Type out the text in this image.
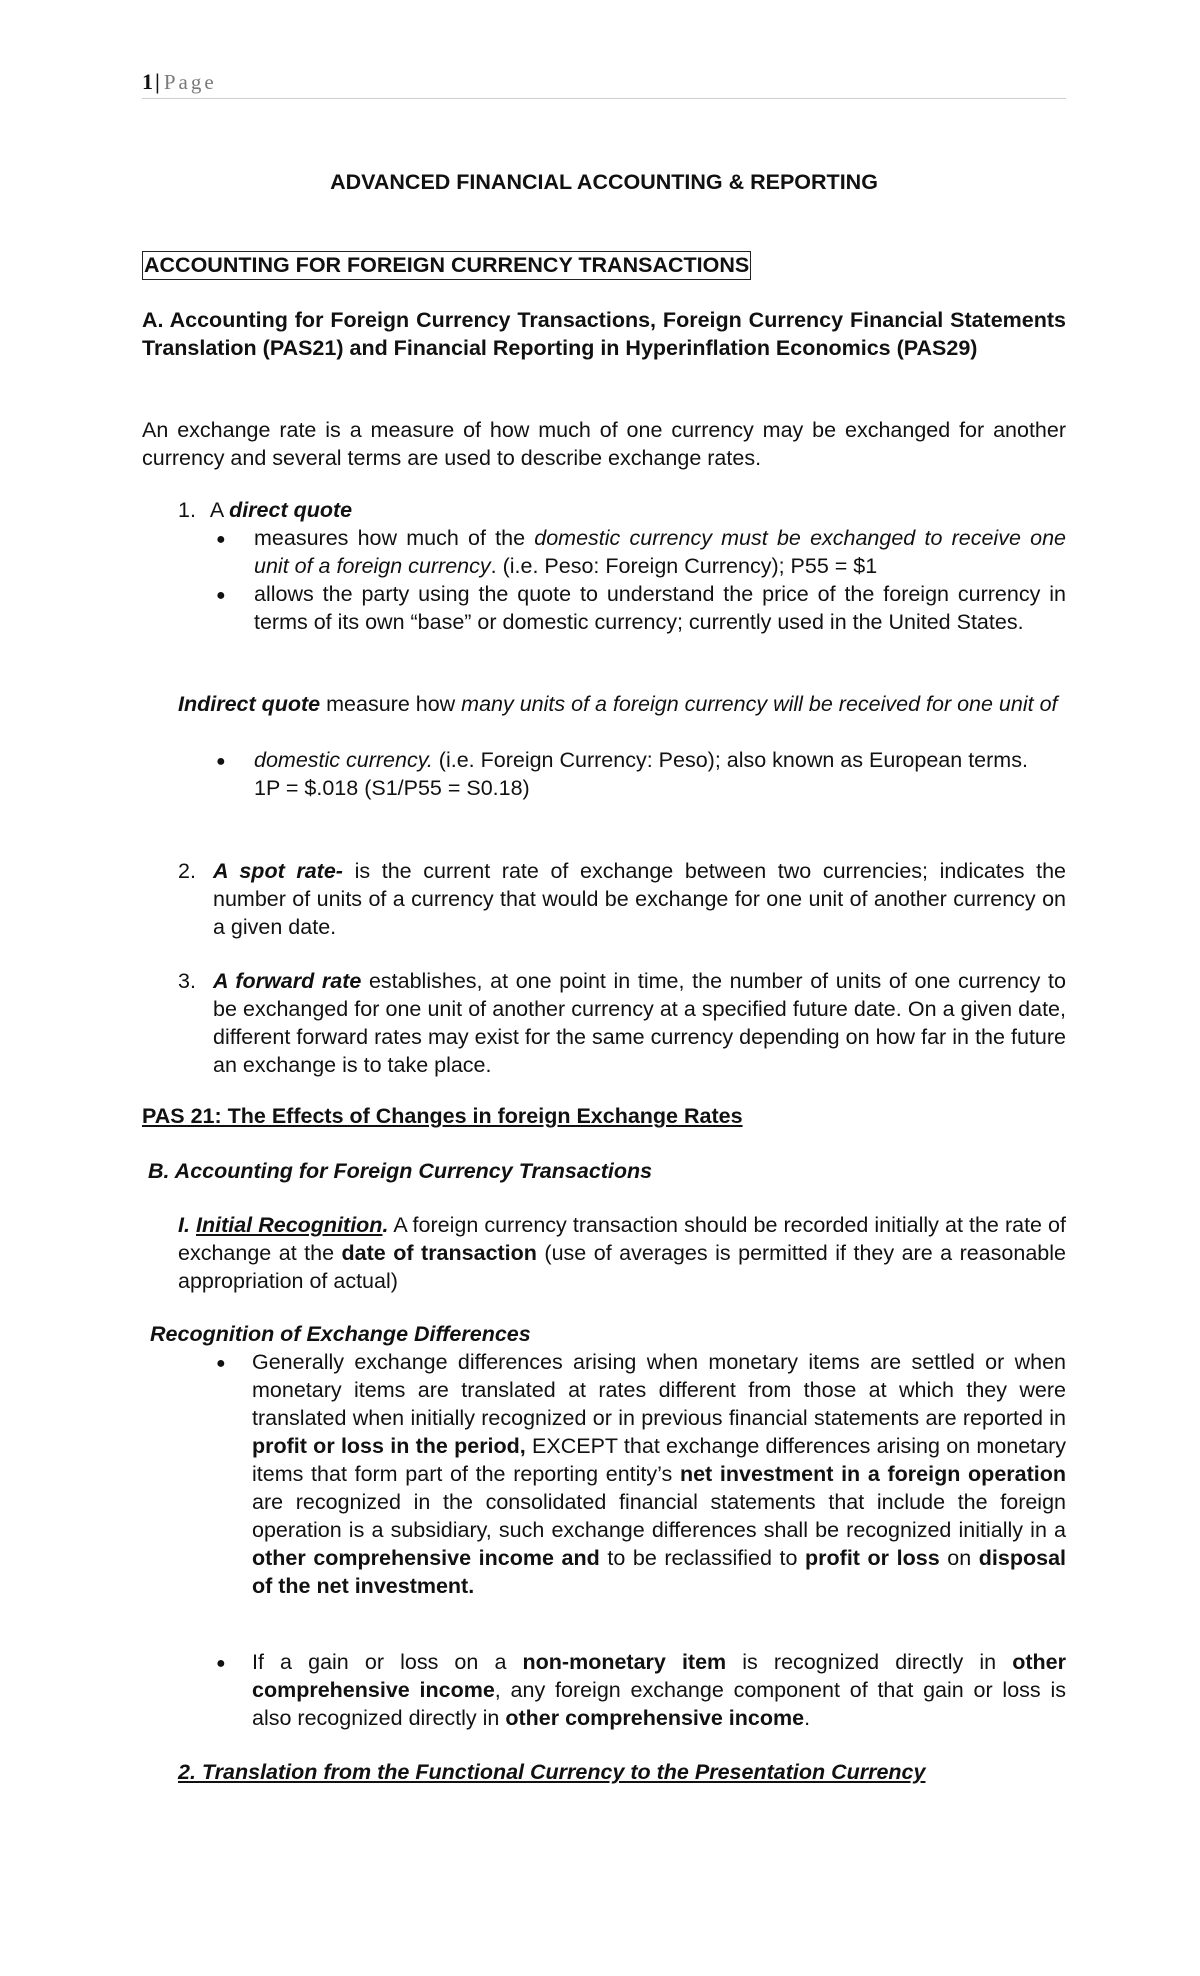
1| Page
ADVANCED FINANCIAL ACCOUNTING & REPORTING
ACCOUNTING FOR FOREIGN CURRENCY TRANSACTIONS
A. Accounting for Foreign Currency Transactions, Foreign Currency Financial Statements Translation (PAS21) and Financial Reporting in Hyperinflation Economics (PAS29)
An exchange rate is a measure of how much of one currency may be exchanged for another currency and several terms are used to describe exchange rates.
1. A direct quote
● measures how much of the domestic currency must be exchanged to receive one unit of a foreign currency. (i.e. Peso: Foreign Currency); P55 = $1
● allows the party using the quote to understand the price of the foreign currency in terms of its own “base” or domestic currency; currently used in the United States.
Indirect quote measure how many units of a foreign currency will be received for one unit of
● domestic currency. (i.e. Foreign Currency: Peso); also known as European terms.
1P = $.018 (S1/P55 = S0.18)
2. A spot rate- is the current rate of exchange between two currencies; indicates the number of units of a currency that would be exchange for one unit of another currency on a given date.
3. A forward rate establishes, at one point in time, the number of units of one currency to be exchanged for one unit of another currency at a specified future date. On a given date, different forward rates may exist for the same currency depending on how far in the future an exchange is to take place.
PAS 21: The Effects of Changes in foreign Exchange Rates
B. Accounting for Foreign Currency Transactions
I. Initial Recognition. A foreign currency transaction should be recorded initially at the rate of exchange at the date of transaction (use of averages is permitted if they are a reasonable appropriation of actual)
Recognition of Exchange Differences
● Generally exchange differences arising when monetary items are settled or when monetary items are translated at rates different from those at which they were translated when initially recognized or in previous financial statements are reported in profit or loss in the period, EXCEPT that exchange differences arising on monetary items that form part of the reporting entity’s net investment in a foreign operation are recognized in the consolidated financial statements that include the foreign operation is a subsidiary, such exchange differences shall be recognized initially in a other comprehensive income and to be reclassified to profit or loss on disposal of the net investment.
● If a gain or loss on a non-monetary item is recognized directly in other comprehensive income, any foreign exchange component of that gain or loss is also recognized directly in other comprehensive income.
2. Translation from the Functional Currency to the Presentation Currency
